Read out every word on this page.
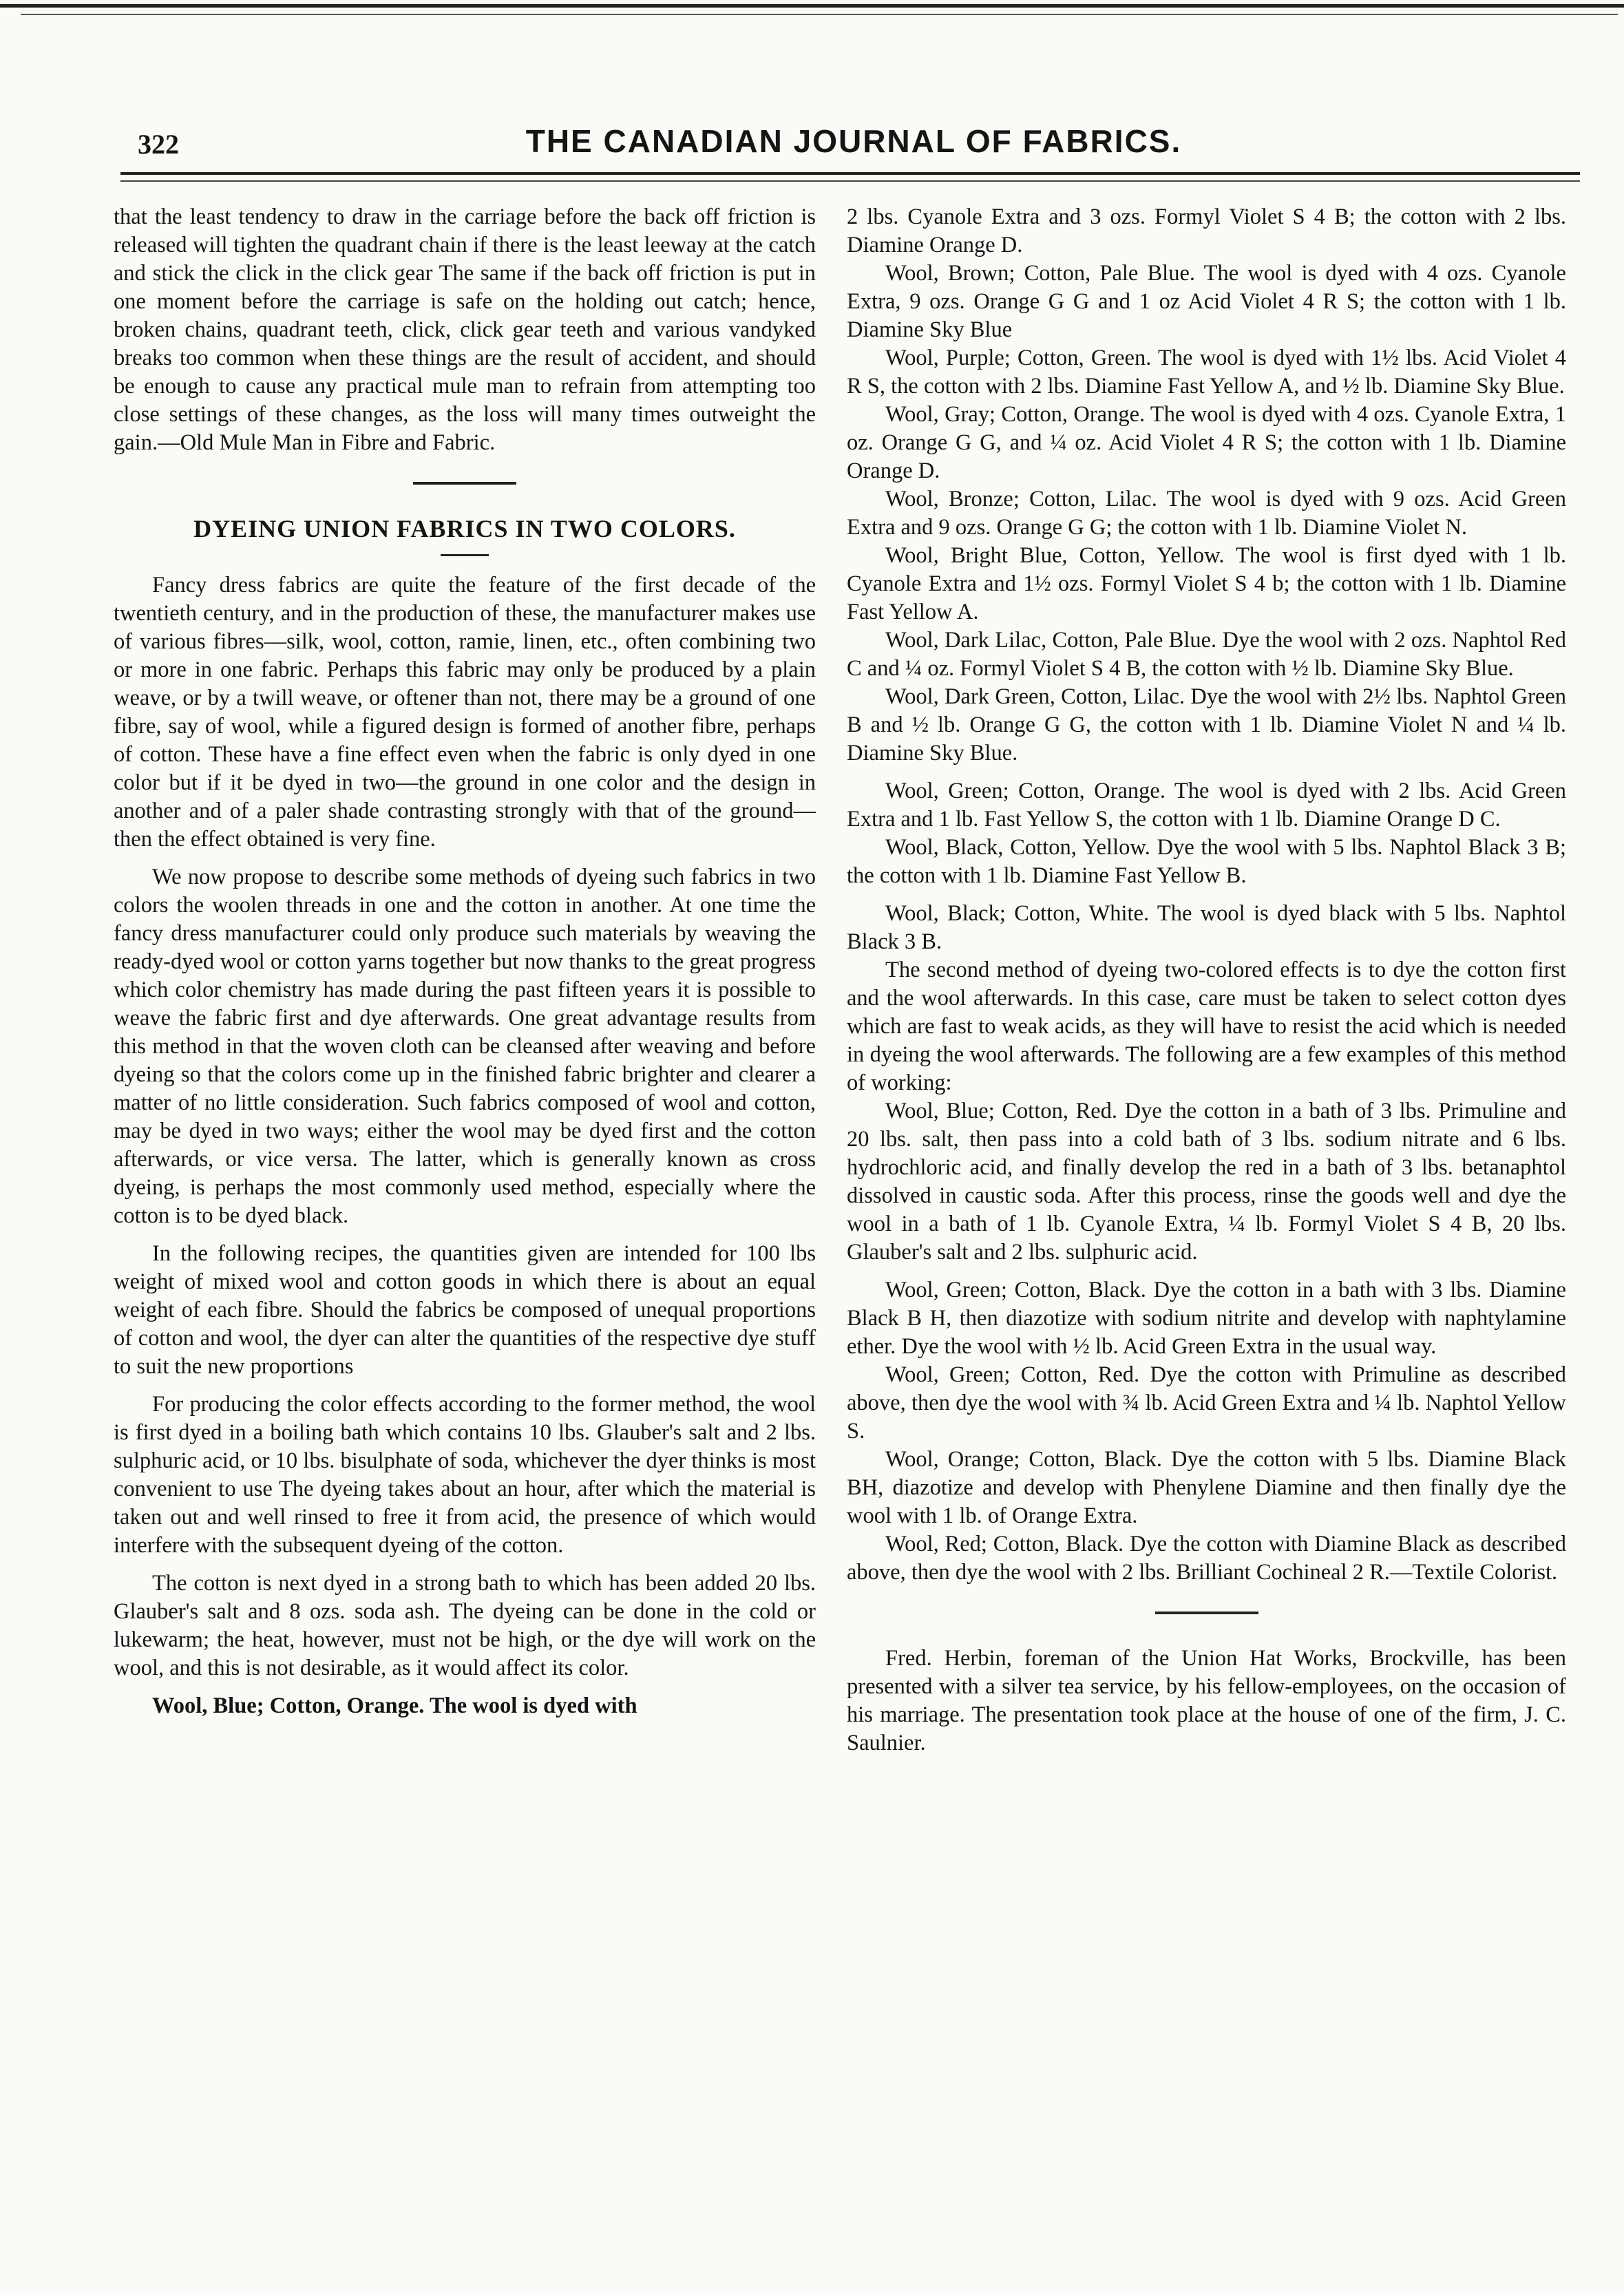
322	THE CANADIAN JOURNAL OF FABRICS.

that the least tendency to draw in the carriage before the back off friction is released will tighten the quadrant chain if there is the least leeway at the catch and stick the click in the click gear The same if the back off friction is put in one moment before the carriage is safe on the holding out catch; hence, broken chains, quadrant teeth, click, click gear teeth and various vandyked breaks too common when these things are the result of accident, and should be enough to cause any practical mule man to refrain from attempting too close settings of these changes, as the loss will many times outweight the gain.—Old Mule Man in Fibre and Fabric.

DYEING UNION FABRICS IN TWO COLORS.

Fancy dress fabrics are quite the feature of the first decade of the twentieth century, and in the production of these, the manufacturer makes use of various fibres—silk, wool, cotton, ramie, linen, etc., often combining two or more in one fabric. Perhaps this fabric may only be produced by a plain weave, or by a twill weave, or oftener than not, there may be a ground of one fibre, say of wool, while a figured design is formed of another fibre, perhaps of cotton. These have a fine effect even when the fabric is only dyed in one color but if it be dyed in two—the ground in one color and the design in another and of a paler shade contrasting strongly with that of the ground—then the effect obtained is very fine.

We now propose to describe some methods of dyeing such fabrics in two colors the woolen threads in one and the cotton in another. At one time the fancy dress manufacturer could only produce such materials by weaving the ready-dyed wool or cotton yarns together but now thanks to the great progress which color chemistry has made during the past fifteen years it is possible to weave the fabric first and dye afterwards. One great advantage results from this method in that the woven cloth can be cleansed after weaving and before dyeing so that the colors come up in the finished fabric brighter and clearer a matter of no little consideration. Such fabrics composed of wool and cotton, may be dyed in two ways; either the wool may be dyed first and the cotton afterwards, or vice versa. The latter, which is generally known as cross dyeing, is perhaps the most commonly used method, especially where the cotton is to be dyed black.

In the following recipes, the quantities given are intended for 100 lbs weight of mixed wool and cotton goods in which there is about an equal weight of each fibre. Should the fabrics be composed of unequal proportions of cotton and wool, the dyer can alter the quantities of the respective dye stuff to suit the new proportions

For producing the color effects according to the former method, the wool is first dyed in a boiling bath which contains 10 lbs. Glauber's salt and 2 lbs. sulphuric acid, or 10 lbs. bisulphate of soda, whichever the dyer thinks is most convenient to use The dyeing takes about an hour, after which the material is taken out and well rinsed to free it from acid, the presence of which would interfere with the subsequent dyeing of the cotton.

The cotton is next dyed in a strong bath to which has been added 20 lbs. Glauber's salt and 8 ozs. soda ash. The dyeing can be done in the cold or lukewarm; the heat, however, must not be high, or the dye will work on the wool, and this is not desirable, as it would affect its color.

Wool, Blue; Cotton, Orange. The wool is dyed with

2 lbs. Cyanole Extra and 3 ozs. Formyl Violet S 4 B; the cotton with 2 lbs. Diamine Orange D.

Wool, Brown; Cotton, Pale Blue. The wool is dyed with 4 ozs. Cyanole Extra, 9 ozs. Orange G G and 1 oz Acid Violet 4 R S; the cotton with 1 lb. Diamine Sky Blue

Wool, Purple; Cotton, Green. The wool is dyed with 1½ lbs. Acid Violet 4 R S, the cotton with 2 lbs. Diamine Fast Yellow A, and ½ lb. Diamine Sky Blue.

Wool, Gray; Cotton, Orange. The wool is dyed with 4 ozs. Cyanole Extra, 1 oz. Orange G G, and ¼ oz. Acid Violet 4 R S; the cotton with 1 lb. Diamine Orange D.

Wool, Bronze; Cotton, Lilac. The wool is dyed with 9 ozs. Acid Green Extra and 9 ozs. Orange G G; the cotton with 1 lb. Diamine Violet N.

Wool, Bright Blue, Cotton, Yellow. The wool is first dyed with 1 lb. Cyanole Extra and 1½ ozs. Formyl Violet S 4 b; the cotton with 1 lb. Diamine Fast Yellow A.

Wool, Dark Lilac, Cotton, Pale Blue. Dye the wool with 2 ozs. Naphtol Red C and ¼ oz. Formyl Violet S 4 B, the cotton with ½ lb. Diamine Sky Blue.

Wool, Dark Green, Cotton, Lilac. Dye the wool with 2½ lbs. Naphtol Green B and ½ lb. Orange G G, the cotton with 1 lb. Diamine Violet N and ¼ lb. Diamine Sky Blue.

Wool, Green; Cotton, Orange. The wool is dyed with 2 lbs. Acid Green Extra and 1 lb. Fast Yellow S, the cotton with 1 lb. Diamine Orange D C.

Wool, Black, Cotton, Yellow. Dye the wool with 5 lbs. Naphtol Black 3 B; the cotton with 1 lb. Diamine Fast Yellow B.

Wool, Black; Cotton, White. The wool is dyed black with 5 lbs. Naphtol Black 3 B.

The second method of dyeing two-colored effects is to dye the cotton first and the wool afterwards. In this case, care must be taken to select cotton dyes which are fast to weak acids, as they will have to resist the acid which is needed in dyeing the wool afterwards. The following are a few examples of this method of working:

Wool, Blue; Cotton, Red. Dye the cotton in a bath of 3 lbs. Primuline and 20 lbs. salt, then pass into a cold bath of 3 lbs. sodium nitrate and 6 lbs. hydrochloric acid, and finally develop the red in a bath of 3 lbs. betanaphtol dissolved in caustic soda. After this process, rinse the goods well and dye the wool in a bath of 1 lb. Cyanole Extra, ¼ lb. Formyl Violet S 4 B, 20 lbs. Glauber's salt and 2 lbs. sulphuric acid.

Wool, Green; Cotton, Black. Dye the cotton in a bath with 3 lbs. Diamine Black B H, then diazotize with sodium nitrite and develop with naphtylamine ether. Dye the wool with ½ lb. Acid Green Extra in the usual way.

Wool, Green; Cotton, Red. Dye the cotton with Primuline as described above, then dye the wool with ¾ lb. Acid Green Extra and ¼ lb. Naphtol Yellow S.

Wool, Orange; Cotton, Black. Dye the cotton with 5 lbs. Diamine Black BH, diazotize and develop with Phenylene Diamine and then finally dye the wool with 1 lb. of Orange Extra.

Wool, Red; Cotton, Black. Dye the cotton with Diamine Black as described above, then dye the wool with 2 lbs. Brilliant Cochineal 2 R.—Textile Colorist.

Fred. Herbin, foreman of the Union Hat Works, Brockville, has been presented with a silver tea service, by his fellow-employees, on the occasion of his marriage. The presentation took place at the house of one of the firm, J. C. Saulnier.
